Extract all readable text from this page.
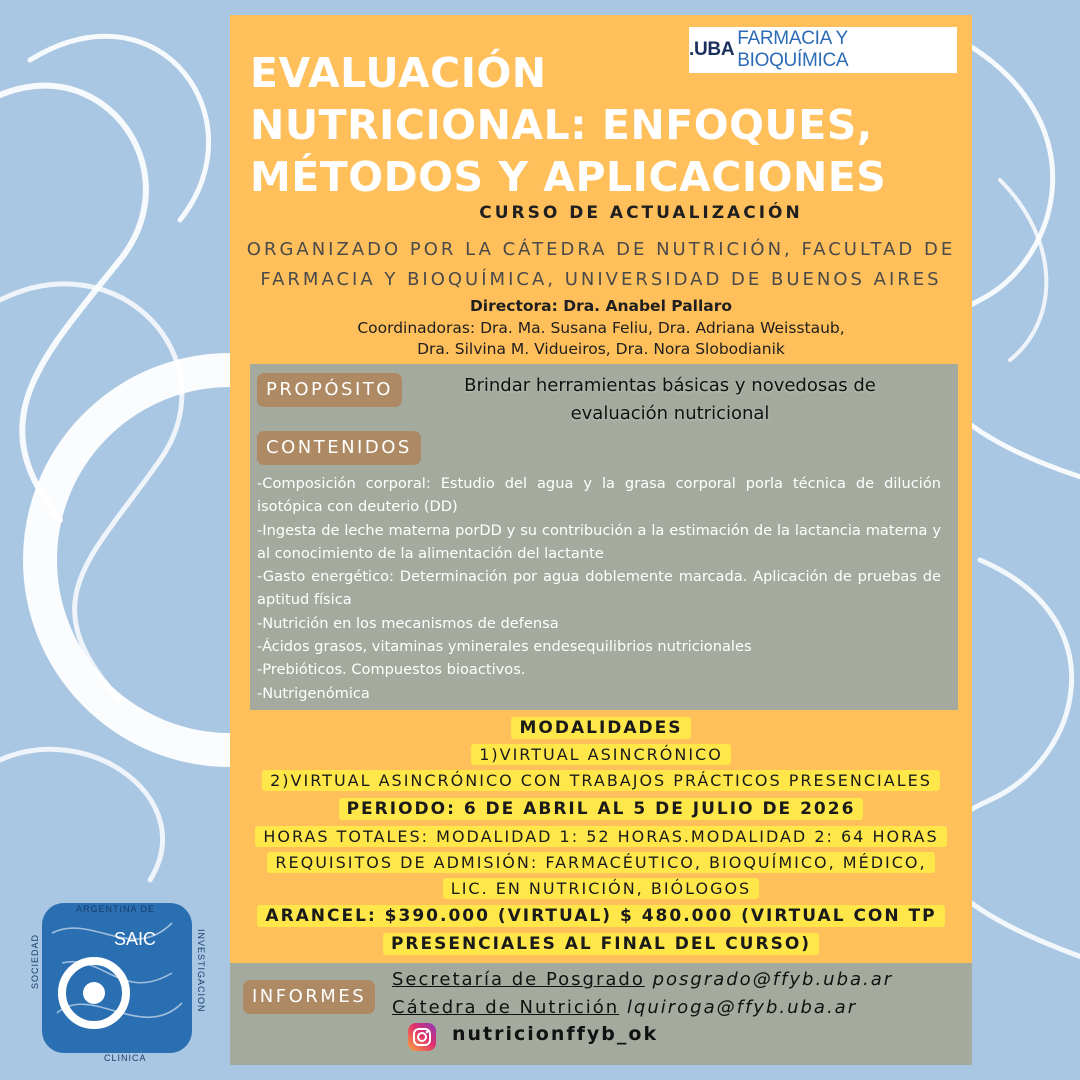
.UBA
FARMACIA Y BIOQUÍMICA
EVALUACIÓN
NUTRICIONAL: ENFOQUES,
MÉTODOS Y APLICACIONES
CURSO DE ACTUALIZACIÓN
ORGANIZADO POR LA CÁTEDRA DE NUTRICIÓN, FACULTAD DE
FARMACIA Y BIOQUÍMICA, UNIVERSIDAD DE BUENOS AIRES
Directora: Dra. Anabel Pallaro
Coordinadoras: Dra. Ma. Susana Feliu, Dra. Adriana Weisstaub,
Dra. Silvina M. Vidueiros, Dra. Nora Slobodianik
PROPÓSITO	Brindar herramientas básicas y novedosas de
evaluación nutricional
CONTENIDOS
-Composición corporal: Estudio del agua y la grasa corporal porla técnica de dilución isotópica con deuterio (DD)
-Ingesta de leche materna porDD y su contribución a la estimación de la lactancia materna y al conocimiento de la alimentación del lactante
-Gasto energético: Determinación por agua doblemente marcada. Aplicación de pruebas de aptitud física
-Nutrición en los mecanismos de defensa
-Ácidos grasos, vitaminas yminerales endesequilibrios nutricionales
-Prebióticos. Compuestos bioactivos.
-Nutrigenómica
MODALIDADES
1)VIRTUAL ASINCRÓNICO
2)VIRTUAL ASINCRÓNICO CON TRABAJOS PRÁCTICOS PRESENCIALES
PERIODO: 6 DE ABRIL AL 5 DE JULIO DE 2026
HORAS TOTALES: MODALIDAD 1: 52 HORAS.MODALIDAD 2: 64 HORAS
REQUISITOS DE ADMISIÓN: FARMACÉUTICO, BIOQUÍMICO, MÉDICO,
LIC. EN NUTRICIÓN, BIÓLOGOS
ARANCEL: $390.000 (VIRTUAL) $ 480.000 (VIRTUAL CON TP
PRESENCIALES AL FINAL DEL CURSO)
INFORMES
Secretaría de Posgrado posgrado@ffyb.uba.ar
Cátedra de Nutrición lquiroga@ffyb.uba.ar
nutricionffyb_ok
SAIC
ARGENTINA DE
INVESTIGACION
CLINICA
SOCIEDAD
